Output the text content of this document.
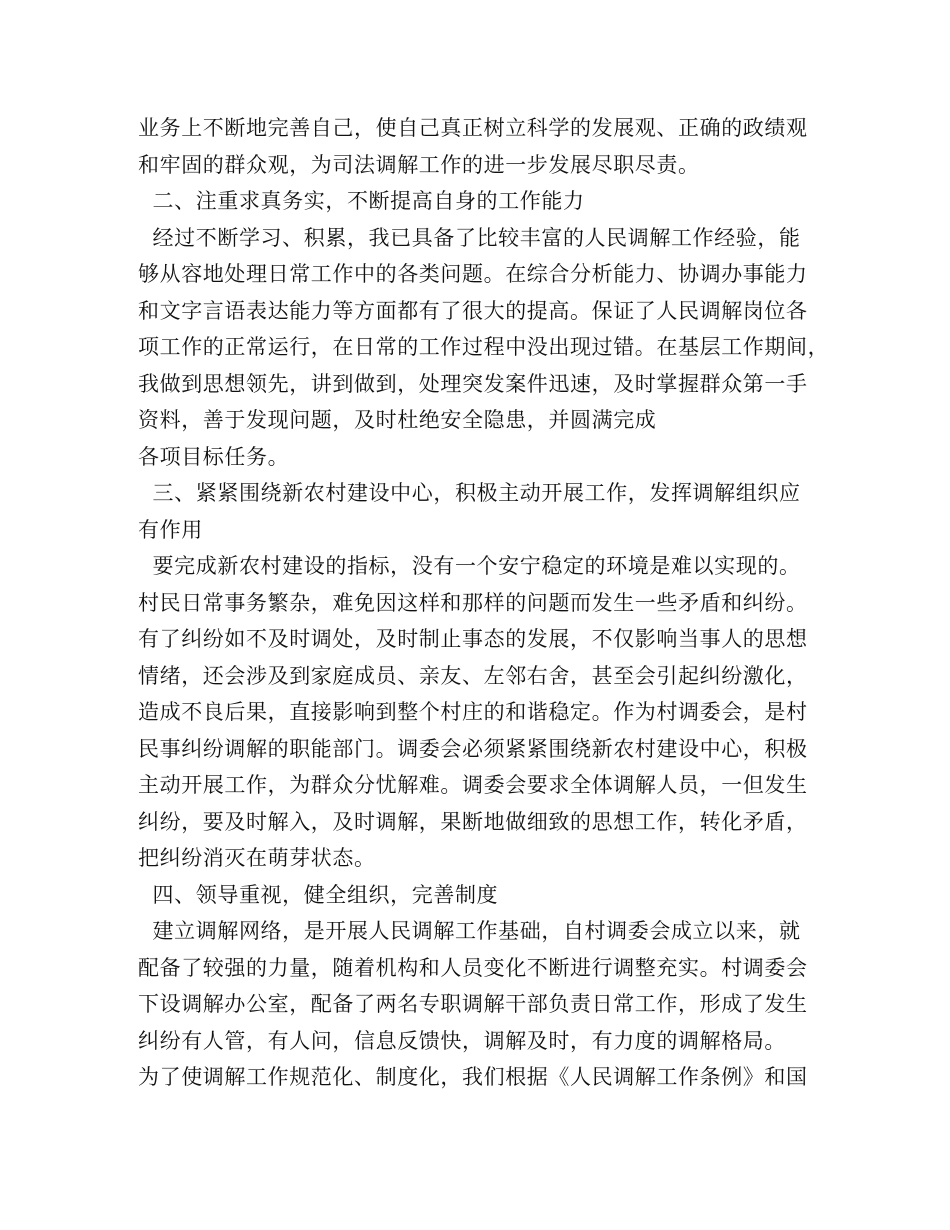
业务上不断地完善自己，使自己真正树立科学的发展观、正确的政绩观
和牢固的群众观，为司法调解工作的进一步发展尽职尽责。
二、注重求真务实，不断提高自身的工作能力
经过不断学习、积累，我已具备了比较丰富的人民调解工作经验，能
够从容地处理日常工作中的各类问题。在综合分析能力、协调办事能力
和文字言语表达能力等方面都有了很大的提高。保证了人民调解岗位各
项工作的正常运行，在日常的工作过程中没出现过错。在基层工作期间，
我做到思想领先，讲到做到，处理突发案件迅速，及时掌握群众第一手
资料，善于发现问题，及时杜绝安全隐患，并圆满完成
各项目标任务。
三、紧紧围绕新农村建设中心，积极主动开展工作，发挥调解组织应
有作用
要完成新农村建设的指标，没有一个安宁稳定的环境是难以实现的。
村民日常事务繁杂，难免因这样和那样的问题而发生一些矛盾和纠纷。
有了纠纷如不及时调处，及时制止事态的发展，不仅影响当事人的思想
情绪，还会涉及到家庭成员、亲友、左邻右舍，甚至会引起纠纷激化，
造成不良后果，直接影响到整个村庄的和谐稳定。作为村调委会，是村
民事纠纷调解的职能部门。调委会必须紧紧围绕新农村建设中心，积极
主动开展工作，为群众分忧解难。调委会要求全体调解人员，一但发生
纠纷，要及时解入，及时调解，果断地做细致的思想工作，转化矛盾，
把纠纷消灭在萌芽状态。
四、领导重视，健全组织，完善制度
建立调解网络，是开展人民调解工作基础，自村调委会成立以来，就
配备了较强的力量，随着机构和人员变化不断进行调整充实。村调委会
下设调解办公室，配备了两名专职调解干部负责日常工作，形成了发生
纠纷有人管，有人问，信息反馈快，调解及时，有力度的调解格局。
为了使调解工作规范化、制度化，我们根据《人民调解工作条例》和国
